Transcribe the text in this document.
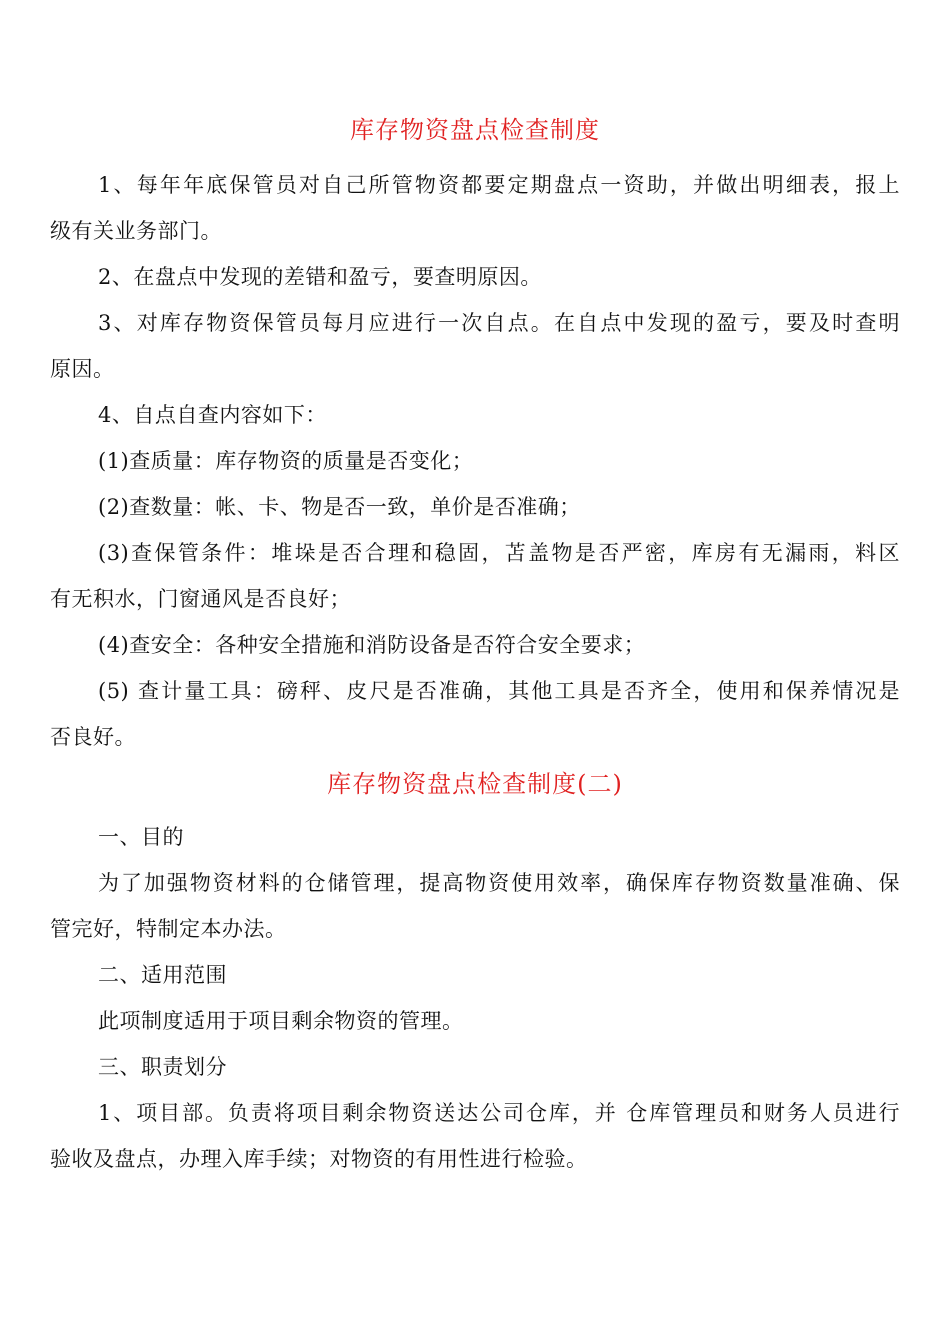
库存物资盘点检查制度
1、每年年底保管员对自己所管物资都要定期盘点一资助，并做出明细表，报上
级有关业务部门。
2、在盘点中发现的差错和盈亏，要查明原因。
3、对库存物资保管员每月应进行一次自点。在自点中发现的盈亏，要及时查明
原因。
4、自点自查内容如下：
(1)查质量：库存物资的质量是否变化；
(2)查数量：帐、卡、物是否一致，单价是否准确；
(3)查保管条件：堆垛是否合理和稳固，苫盖物是否严密，库房有无漏雨，料区
有无积水，门窗通风是否良好；
(4)查安全：各种安全措施和消防设备是否符合安全要求；
(5) 查计量工具：磅秤、皮尺是否准确，其他工具是否齐全，使用和保养情况是
否良好。
库存物资盘点检查制度(二)
一、目的
为了加强物资材料的仓储管理，提高物资使用效率，确保库存物资数量准确、保
管完好，特制定本办法。
二、适用范围
此项制度适用于项目剩余物资的管理。
三、职责划分
1、项目部。负责将项目剩余物资送达公司仓库，并 仓库管理员和财务人员进行
验收及盘点，办理入库手续；对物资的有用性进行检验。
